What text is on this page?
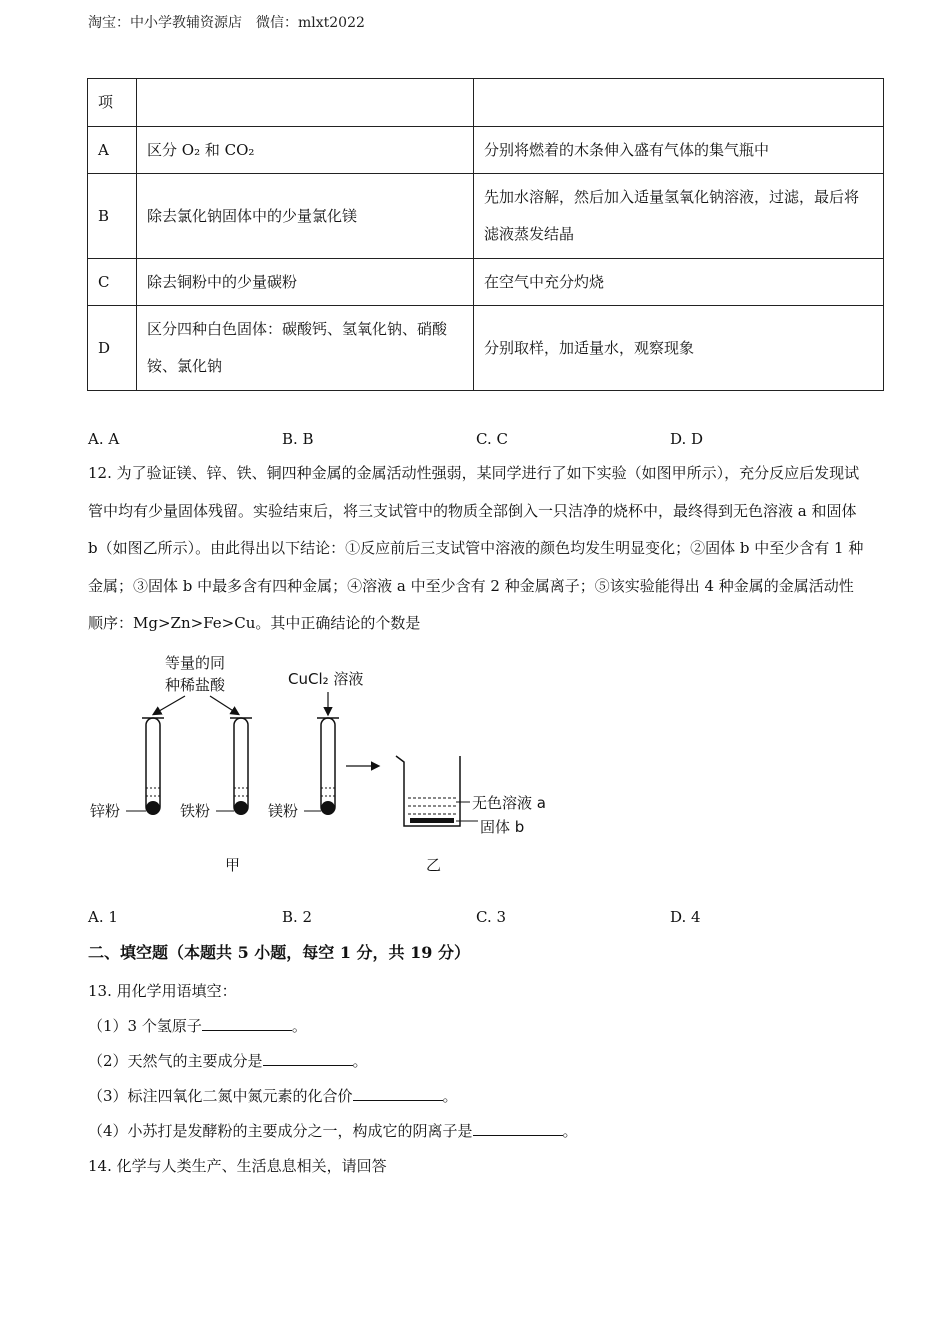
淘宝：中小学教辅资源店　微信：mlxt2022
项		
A	区分 O₂ 和 CO₂	分别将燃着的木条伸入盛有气体的集气瓶中
B	除去氯化钠固体中的少量氯化镁	先加水溶解，然后加入适量氢氧化钠溶液，过滤，最后将滤液蒸发结晶
C	除去铜粉中的少量碳粉	在空气中充分灼烧
D	区分四种白色固体：碳酸钙、氢氧化钠、硝酸铵、氯化钠	分别取样，加适量水，观察现象
A. A	B. B	C. C	D. D
12. 为了验证镁、锌、铁、铜四种金属的金属活动性强弱，某同学进行了如下实验（如图甲所示），充分反应后发现试管中均有少量固体残留。实验结束后，将三支试管中的物质全部倒入一只洁净的烧杯中，最终得到无色溶液 a 和固体 b（如图乙所示）。由此得出以下结论：①反应前后三支试管中溶液的颜色均发生明显变化；②固体 b 中至少含有 1 种金属；③固体 b 中最多含有四种金属；④溶液 a 中至少含有 2 种金属离子；⑤该实验能得出 4 种金属的金属活动性顺序：Mg>Zn>Fe>Cu。其中正确结论的个数是
等量的同
种稀盐酸
锌粉	铁粉
CuCl₂ 溶液
镁粉	无色溶液 a
固体 b
甲	乙
A. 1	B. 2	C. 3	D. 4
二、填空题（本题共 5 小题，每空 1 分，共 19 分）
13. 用化学用语填空：
（1）3 个氢原子	。
（2）天然气的主要成分是	。
（3）标注四氧化二氮中氮元素的化合价	。
（4）小苏打是发酵粉的主要成分之一，构成它的阴离子是	。
14. 化学与人类生产、生活息息相关，请回答
